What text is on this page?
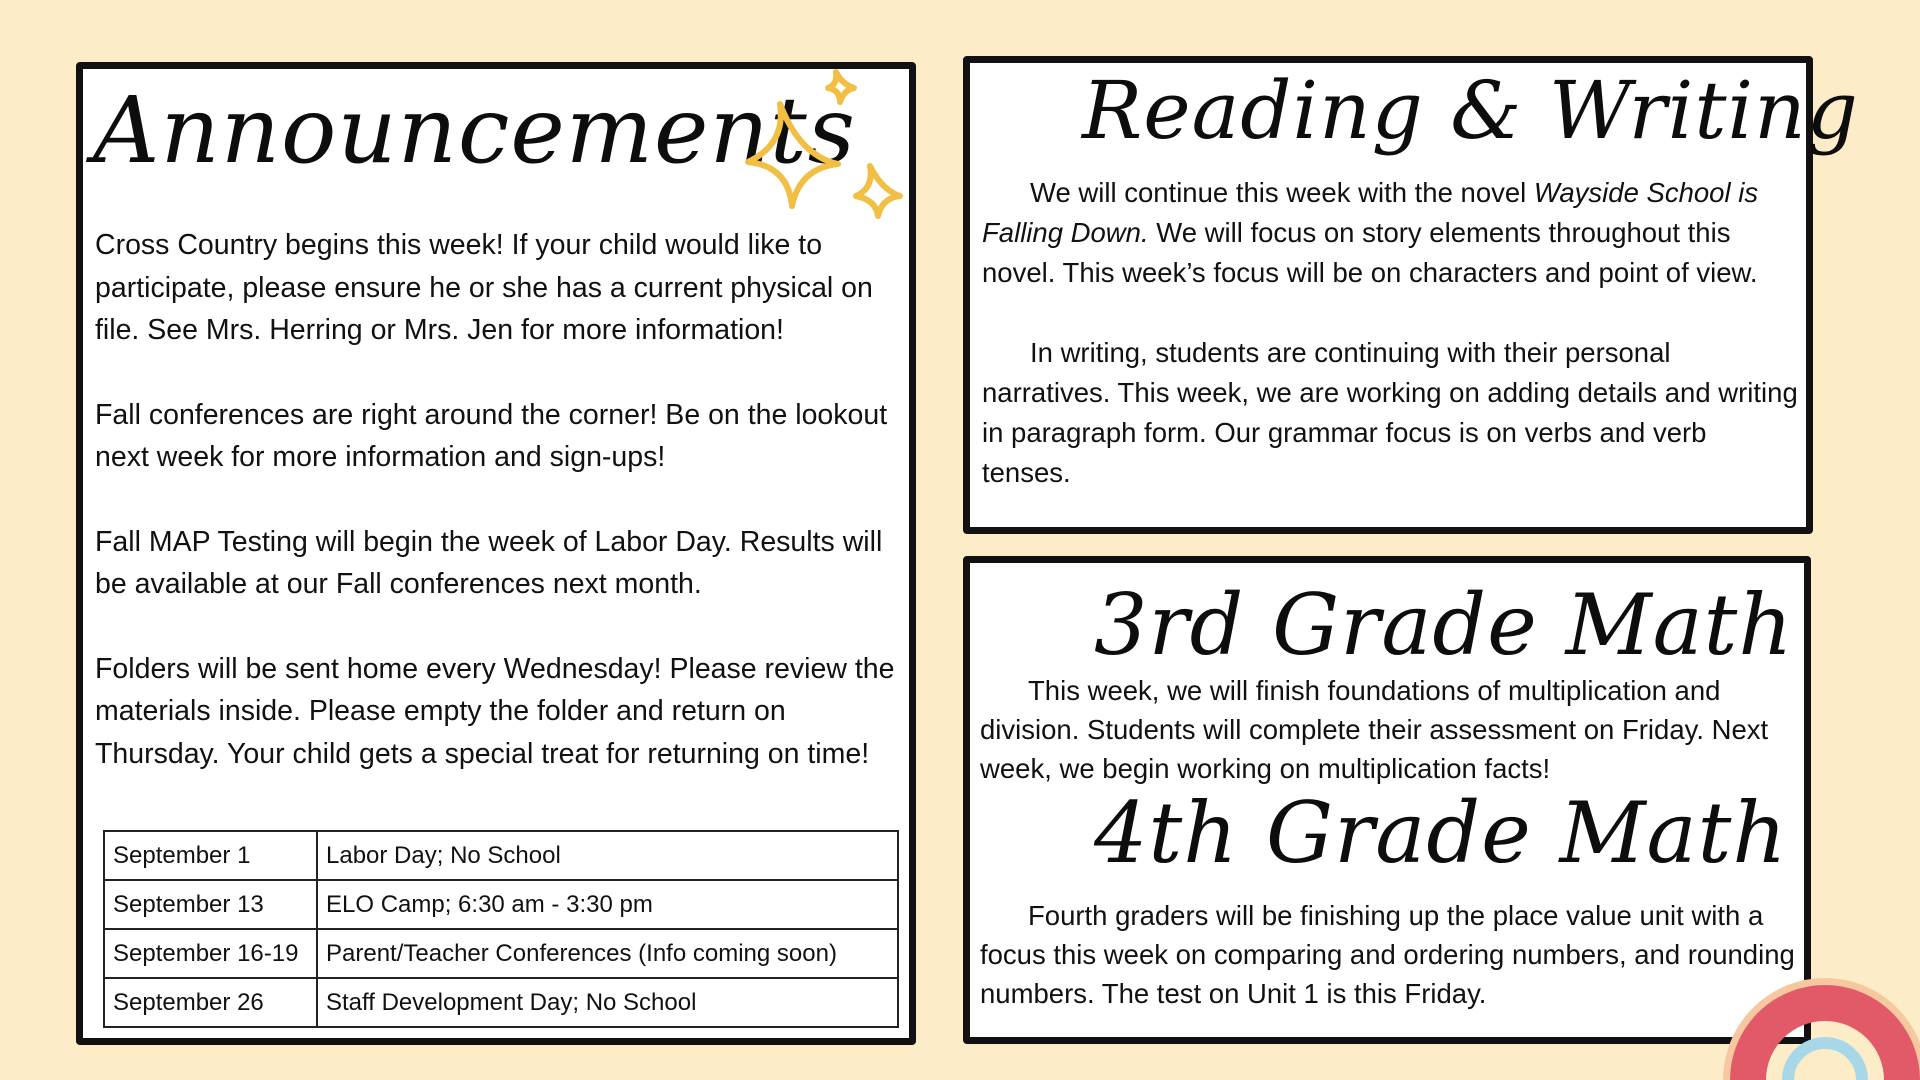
Announcements

Cross Country begins this week! If your child would like to participate, please ensure he or she has a current physical on file. See Mrs. Herring or Mrs. Jen for more information!

Fall conferences are right around the corner! Be on the lookout next week for more information and sign-ups!

Fall MAP Testing will begin the week of Labor Day. Results will be available at our Fall conferences next month.

Folders will be sent home every Wednesday! Please review the materials inside. Please empty the folder and return on Thursday. Your child gets a special treat for returning on time!

September 1	Labor Day; No School
September 13	ELO Camp; 6:30 am - 3:30 pm
September 16-19	Parent/Teacher Conferences (Info coming soon)
September 26	Staff Development Day; No School
Reading & Writing

We will continue this week with the novel Wayside School is Falling Down. We will focus on story elements throughout this novel. This week’s focus will be on characters and point of view.

In writing, students are continuing with their personal narratives. This week, we are working on adding details and writing in paragraph form. Our grammar focus is on verbs and verb tenses.

3rd Grade Math
This week, we will finish foundations of multiplication and division. Students will complete their assessment on Friday. Next week, we begin working on multiplication facts!
4th Grade Math
Fourth graders will be finishing up the place value unit with a focus this week on comparing and ordering numbers, and rounding numbers. The test on Unit 1 is this Friday.
